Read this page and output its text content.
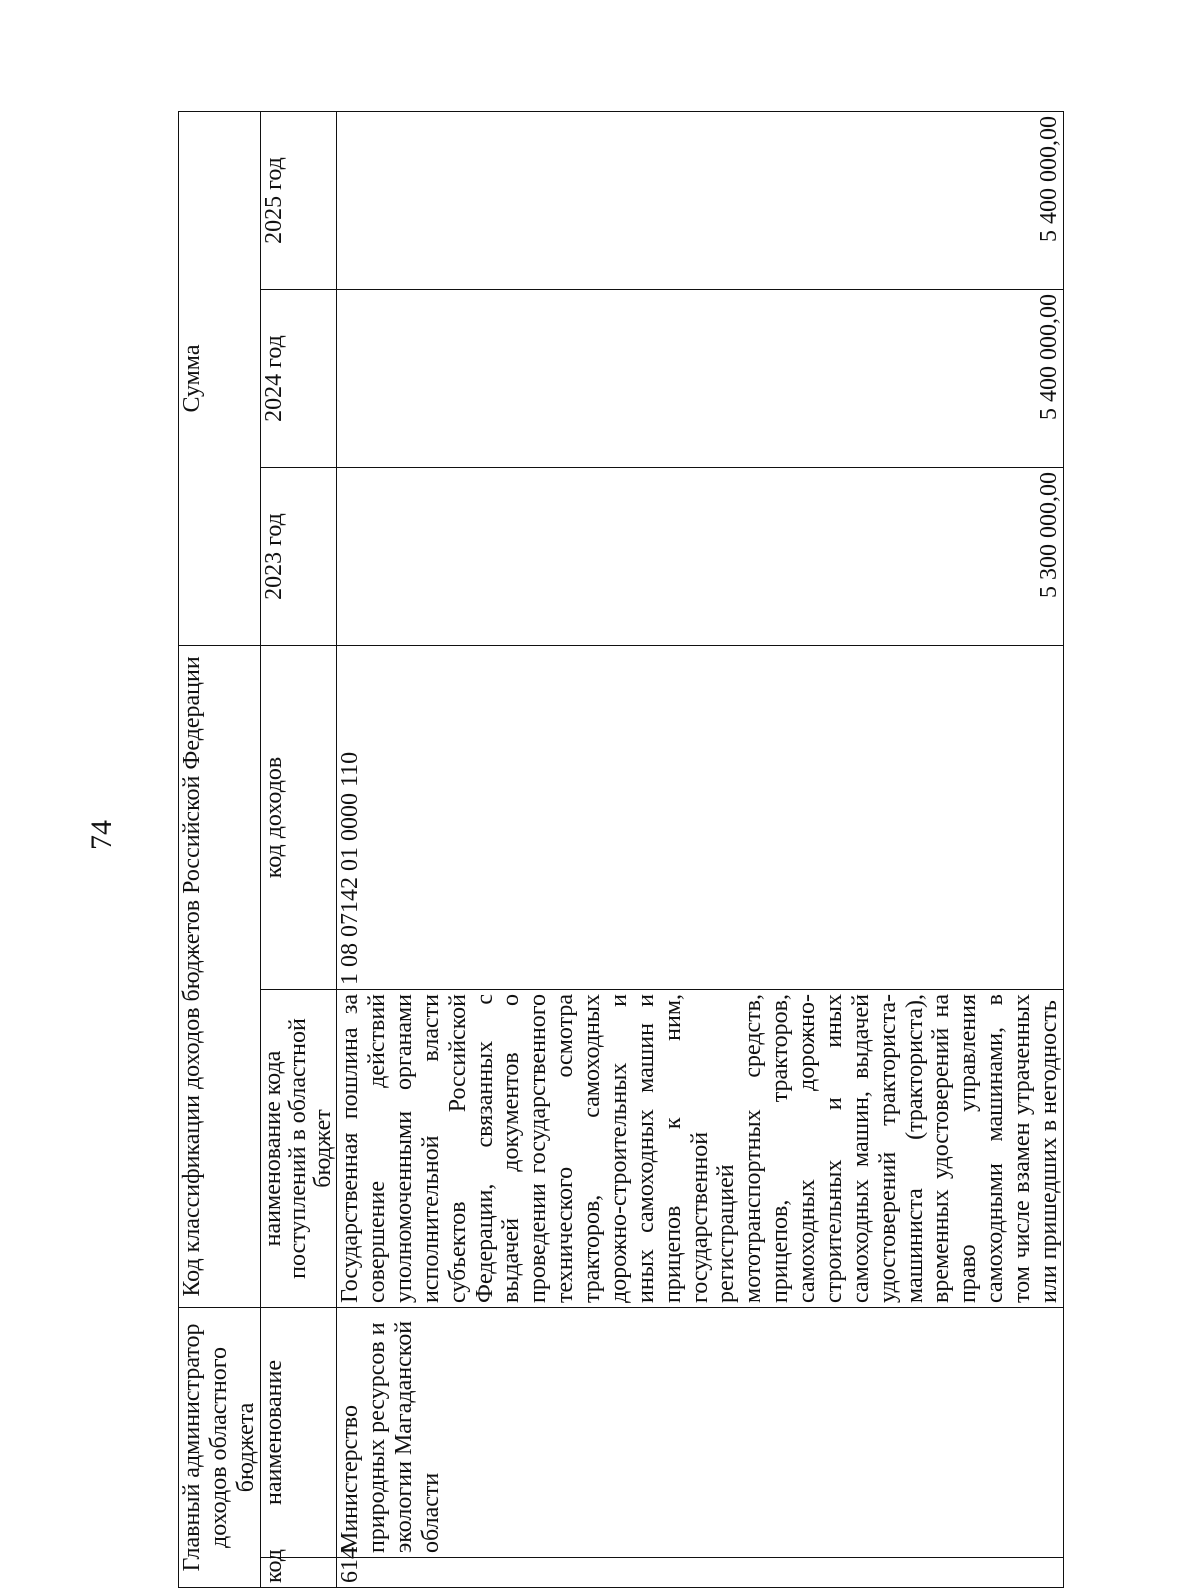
74
Главный администратор доходов областного бюджета		Код классификации доходов бюджетов Российской Федерации		Сумма		
код	наименование	наименование кода поступлений в областной бюджет	код доходов	2023 год	2024 год	2025 год
614	Министерство природных ресурсов и экологии Магаданской области	Государственная пошлина за совершение действий уполномоченными органами исполнительной власти субъектов Российской Федерации, связанных с выдачей документов о проведении государственного технического осмотра тракторов, самоходных дорожно-строительных и иных самоходных машин и прицепов к ним, государственной регистрацией мототранспортных средств, прицепов, тракторов, самоходных дорожно-строительных и иных самоходных машин, выдачей удостоверений тракториста-машиниста (тракториста), временных удостоверений на право управления самоходными машинами, в том числе взамен утраченных или пришедших в негодность	1 08 07142 01 0000 110	5 300 000,00	5 400 000,00	5 400 000,00
